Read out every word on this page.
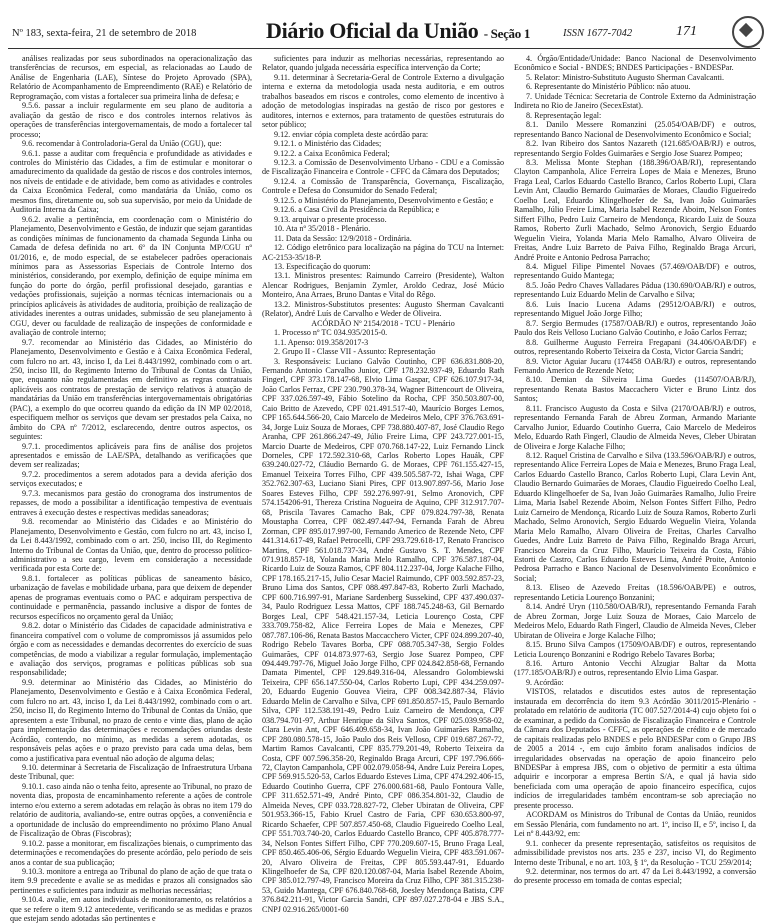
Nº 183, sexta-feira, 21 de setembro de 2018	Diário Oficial da União - Seção 1	ISSN 1677-7042	171

análises realizadas por seus subordinados na operacionalização das transferências de recursos, em especial, as relacionadas ao Laudo de Análise de Engenharia (LAE), Síntese do Projeto Aprovado (SPA), Relatório de Acompanhamento de Empreendimento (RAE) e Relatório de Reprogramação, com vistas a fortalecer sua primeira linha de defesa; e

9.5.6. passar a incluir regularmente em seu plano de auditoria a avaliação da gestão de risco e dos controles internos relativos às operações de transferências intergovernamentais, de modo a fortalecer tal processo;

9.6. recomendar à Controladoria-Geral da União (CGU), que:

9.6.1. passe a auditar com frequência e profundidade as atividades e controles do Ministério das Cidades, a fim de estimular e monitorar o amadurecimento da qualidade da gestão de riscos e dos controles internos, nos níveis de entidade e de atividade, bem como as atividades e controles da Caixa Econômica Federal, como mandatária da União, como os mesmos fins, diretamente ou, sob sua supervisão, por meio da Unidade de Auditoria Interna da Caixa;

9.6.2. avalie a pertinência, em coordenação com o Ministério do Planejamento, Desenvolvimento e Gestão, de induzir que sejam garantidas as condições mínimas de funcionamento da chamada Segunda Linha ou Camada de defesa definida no art. 6º da IN Conjunta MP/CGU nº 01/2016, e, de modo especial, de se estabelecer padrões operacionais mínimos para as Assessorias Especiais de Controle Interno dos ministérios, considerando, por exemplo, definição de equipe mínima em função do porte do órgão, perfil profissional desejado, garantias e vedações profissionais, sujeição a normas técnicas internacionais ou a princípios aplicáveis às atividades de auditoria, proibição de realização de atividades inerentes a outras unidades, submissão de seu planejamento à CGU, dever ou faculdade de realização de inspeções de conformidade e avaliação de controle interno;

9.7. recomendar ao Ministério das Cidades, ao Ministério do Planejamento, Desenvolvimento e Gestão e à Caixa Econômica Federal, com fulcro no art. 43, inciso I, da Lei 8.443/1992, combinado com o art. 250, inciso III, do Regimento Interno do Tribunal de Contas da União, que, enquanto não regulamentadas em definitivo as regras contratuais aplicáveis aos contratos de prestação de serviço relativos à atuação de mandatárias da União em transferências intergovernamentais obrigatórias (PAC), a exemplo do que ocorreu quando da edição da IN MP 02/2018, especifiquem melhor os serviços que devam ser prestados pela Caixa, no âmbito do CPA nº 7/2012, esclarecendo, dentre outros aspectos, os seguintes:

9.7.1. procedimentos aplicáveis para fins de análise dos projetos apresentados e emissão de LAE/SPA, detalhando as verificações que devem ser realizadas;

9.7.2. procedimentos a serem adotados para a devida aferição dos serviços executados; e

9.7.3. mecanismos para gestão do cronograma dos instrumentos de repasses, de modo a possibilitar a identificação tempestiva de eventuais entraves à execução destes e respectivas medidas saneadoras;

9.8. recomendar ao Ministério das Cidades e ao Ministério do Planejamento, Desenvolvimento e Gestão, com fulcro no art. 43, inciso I, da Lei 8.443/1992, combinado com o art. 250, inciso III, do Regimento Interno do Tribunal de Contas da União, que, dentro do processo político-administrativo a seu cargo, levem em consideração a necessidade verificada por esta Corte de:

9.8.1. fortalecer as políticas públicas de saneamento básico, urbanização de favelas e mobilidade urbana, para que deixem de depender apenas de programas eventuais como o PAC e adquiram perspectiva de continuidade e permanência, passando inclusive a dispor de fontes de recursos específicos no orçamento geral da União;

9.8.2. dotar o Ministério das Cidades de capacidade administrativa e financeira compatível com o volume de compromissos já assumidos pelo órgão e com as necessidades e demandas decorrentes do exercício de suas competências, de modo a viabilizar a regular formulação, implementação e avaliação dos serviços, programas e políticas públicas sob sua responsabilidade;

9.9. determinar ao Ministério das Cidades, ao Ministério do Planejamento, Desenvolvimento e Gestão e à Caixa Econômica Federal, com fulcro no art. 43, inciso I, da Lei 8.443/1992, combinado com o art. 250, inciso II, do Regimento Interno do Tribunal de Contas da União, que apresentem a este Tribunal, no prazo de cento e vinte dias, plano de ação para implementação das determinações e recomendações oriundas deste Acórdão, contendo, no mínimo, as medidas a serem adotadas, os responsáveis pelas ações e o prazo previsto para cada uma delas, bem como a justificativa para eventual não adoção de alguma delas;

9.10. determinar à Secretaria de Fiscalização de Infraestrutura Urbana deste Tribunal, que:

9.10.1. caso ainda não o tenha feito, apresente ao Tribunal, no prazo de noventa dias, proposta de encaminhamento referente a ações de controle interno e/ou externo a serem adotadas em relação às obras no item 179 do relatório de auditoria, avaliando-se, entre outras opções, a conveniência e a oportunidade de inclusão do empreendimento no próximo Plano Anual de Fiscalização de Obras (Fiscobras);

9.10.2. passe a monitorar, em fiscalizações bienais, o cumprimento das determinações e recomendações do presente acórdão, pelo período de seis anos a contar de sua publicação;

9.10.3. monitore a entrega ao Tribunal do plano de ação de que trata o item 9.9 precedente e avalie se as medidas e prazos ali consignados são pertinentes e suficientes para induzir as melhorias necessárias;

9.10.4. avalie, em autos individuais de monitoramento, os relatórios a que se refere o item 9.12 antecedente, verificando se as medidas e prazos que estejam sendo adotadas são pertinentes e

suficientes para induzir as melhorias necessárias, representando ao Relator, quando julgada necessária específica intervenção da Corte;

9.11. determinar à Secretaria-Geral de Controle Externo a divulgação interna e externa da metodologia usada nesta auditoria, e em outros trabalhos baseados em riscos e controles, como elemento de incentivo à adoção de metodologias inspiradas na gestão de risco por gestores e auditores, internos e externos, para tratamento de questões estruturais do setor público;

9.12. enviar cópia completa deste acórdão para:

9.12.1. o Ministério das Cidades;

9.12.2. a Caixa Econômica Federal;

9.12.3. a Comissão de Desenvolvimento Urbano - CDU e a Comissão de Fiscalização Financeira e Controle - CFFC da Câmara dos Deputados;

9.12.4. a Comissão de Transparência, Governança, Fiscalização, Controle e Defesa do Consumidor do Senado Federal;

9.12.5. o Ministério do Planejamento, Desenvolvimento e Gestão; e

9.12.6. a Casa Civil da Presidência da República; e

9.13. arquivar o presente processo.

10. Ata nº 35/2018 - Plenário.

11. Data da Sessão: 12/9/2018 - Ordinária.

12. Código eletrônico para localização na página do TCU na Internet: AC-2153-35/18-P.

13. Especificação do quorum:

13.1. Ministros presentes: Raimundo Carreiro (Presidente), Walton Alencar Rodrigues, Benjamin Zymler, Aroldo Cedraz, José Múcio Monteiro, Ana Arraes, Bruno Dantas e Vital do Rêgo.

13.2. Ministros-Substitutos presentes: Augusto Sherman Cavalcanti (Relator), André Luís de Carvalho e Weder de Oliveira.

ACÓRDÃO Nº 2154/2018 - TCU - Plenário

1. Processo nº TC 034.935/2015-0.

1.1. Apenso: 019.358/2017-3

2. Grupo II - Classe VII - Assunto: Representação

3. Responsáveis: Luciano Galvão Coutinho, CPF 636.831.808-20, Fernando Antonio Carvalho Junior, CPF 178.232.937-49, Eduardo Rath Fingerl, CPF 373.178.147-68, Elvio Lima Gaspar, CPF 626.107.917-34, João Carlos Ferraz, CPF 230.790.378-34, Wagner Bittencourt de Oliveira, CPF 337.026.597-49, Fábio Sotelino da Rocha, CPF 350.503.807-00, Caio Britto de Azevedo, CPF 021.491.517-40, Maurício Borges Lemos, CPF 165.644.566-20, Caio Marcelo de Medeiros Melo, CPF 376.763.691-34, Jorge Luiz Souza de Moraes, CPF 738.880.407-87, José Claudio Rego Aranha, CPF 261.866.247-49, Júlio Freire Lima, CPF 243.727.001-15, Marcio Duarte de Medeiros, CPF 070.768.147-22, Luiz Fernando Linck Dorneles, CPF 172.592.310-68, Carlos Roberto Lopes Hauák, CPF 639.240.027-72, Cláudio Bernardo G. de Moraes, CPF 761.155.427-15, Emanuel Teixeira Torres Filho, CPF 439.505.587-72, Ishai Waga, CPF 352.762.307-63, Luciano Siani Pires, CPF 013.907.897-56, Mario Jose Soares Esteves Filho, CPF 592.276.997-91, Selmo Aronovich, CPF 574.154206-91, Thereza Cristina Nogueira de Aquino, CPF 312.917.707-68, Priscila Tavares Camacho Bak, CPF 079.824.797-38, Renata Moustapha Correa, CPF 082.497.447-94, Fernanda Farah de Abreu Zorman, CPF 895.017.997-00, Fernando Americo de Rezende Neto, CPF 441.314.617-49, Rafael Petrocelli, CPF 293.729.618-17, Renato Francisco Martins, CPF 561.018.737-34, André Gustavo S. T. Mendes, CPF 071.918.857-18, Yolanda Maria Melo Ramalho, CPF 376.587.187-04, Ricardo Luiz de Souza Ramos, CPF 804.112.237-04, Jorge Kalache Filho, CPF 178.165.217-15, Julio Cesar Maciel Raimundo, CPF 003.592.857-23, Bruno Lima dos Santos, CPF 088.497.847-83, Roberto Zurli Machado, CPF 600.716.997-91, Mariane Sardenberg Sussekind, CPF 437.490.037-34, Paulo Rodriguez Lessa Mattos, CPF 188.745.248-63, Gil Bernardo Borges Leal, CPF 548.421.157-34, Leticia Lourenço Costa, CPF 333.709.758-82, Alice Ferreira Lopes de Maia e Menezes, CPF 087.787.106-86, Renata Bastos Maccacchero Victer, CPF 024.899.207-40, Rodrigo Rebelo Tavares Borba, CPF 088.705.347-38, Sergio Foldes Guimarães, CPF 014.873.977-63, Sergio Jose Suarez Pompeo, CPF 094.449.797-76, Miguel João Jorge Filho, CPF 024.842.858-68, Fernando Damata Pimentel, CPF 129.849.316-04, Alessandro Golombiewski Teixeira, CPF 656.147.550-04, Carlos Roberto Lupi, CPF 434.259.097-20, Eduardo Eugenio Gouvea Vieira, CPF 008.342.887-34, Flávio Eduardo Melin de Carvalho e Silva, CPF 691.850.857-15, Paulo Bernardo Silva, CPF 112.538.191-49, Pedro Luiz Carneiro de Mendonça, CPF 038.794.701-97, Arthur Henrique da Silva Santos, CPF 025.039.958-02, Clara Levin Ant, CPF 646.409.658-34, Ivan João Guimarães Ramalho, CPF 280.080.578-15, João Paulo dos Reis Velloso, CPF 019.687.267-72, Martim Ramos Cavalcanti, CPF 835.779.201-49, Roberto Teixeira da Costa, CPF 007.596.358-20, Reginaldo Braga Arcuri, CPF 197.796.666-72, Clayton Campanhola, CPF 002.079.058-94, Andre Luiz Pereira Lopes, CPF 569.915.520-53, Carlos Eduardo Esteves Lima, CPF 474.292.406-15, Eduardo Coutinho Guerra, CPF 276.000.681-68, Paulo Fontoura Valle, CPF 311.652.571-49, André Pinto, CPF 086.354.801-32, Claudio de Almeida Neves, CPF 033.728.827-72, Cleber Ubiratan de Oliveira, CPF 501.953.366-15, Fabio Kruel Castro de Faria, CPF 630.653.800-97, Ricardo Schaefer, CPF 507.857.450-68, Claudio Figueiredo Coelho Leal, CPF 551.703.740-20, Carlos Eduardo Castello Branco, CPF 405.878.777-34, Nelson Fontes Siffert Filho, CPF 770.209.607-15, Bruno Fraga Leal, CPF 850.465.406-06, Sérgio Eduardo Weguelin Vieira, CPF 483.591.067-20, Alvaro Oliveira de Freitas, CPF 805.593.447-91, Eduardo Klingelhoefer de Sa, CPF 820.120.087-04, Maria Isabel Rezende Aboim, CPF 385.012.797-49, Francisco Moreira da Cruz Filho, CPF 381.315.238-53, Guido Mantega, CPF 676.840.768-68, Joesley Mendonça Batista, CPF 376.842.211-91, Victor Garcia Sandri, CPF 897.027.278-04 e JBS S.A., CNPJ 02.916.265/0001-60

4. Órgão/Entidade/Unidade: Banco Nacional de Desenvolvimento Econômico e Social - BNDES; BNDES Participações - BNDESPar.

5. Relator: Ministro-Substituto Augusto Sherman Cavalcanti.

6. Representante do Ministério Público: não atuou.

7. Unidade Técnica: Secretaria de Controle Externo da Administração Indireta no Rio de Janeiro (SecexEstat).

8. Representação legal:

8.1. Danilo Messere Romanzini (25.054/OAB/DF) e outros, representando Banco Nacional de Desenvolvimento Econômico e Social;

8.2. Ivan Ribeiro dos Santos Nazareth (121.685/OAB/RJ) e outros, representando Sergio Foldes Guimarães e Sergio Jose Suarez Pompeo;

8.3. Melissa Monte Stephan (188.396/OAB/RJ), representando Clayton Campanhola, Alice Ferreira Lopes de Maia e Menezes, Bruno Fraga Leal, Carlos Eduardo Castello Branco, Carlos Roberto Lupi, Clara Levin Ant, Claudio Bernardo Guimarães de Moraes, Claudio Figueiredo Coelho Leal, Eduardo Klingelhoefer de Sa, Ivan João Guimarães Ramalho, Júlio Freire Lima, Maria Isabel Rezende Aboim, Nelson Fontes Siffert Filho, Pedro Luiz Carneiro de Mendonça, Ricardo Luiz de Souza Ramos, Roberto Zurli Machado, Selmo Aronovich, Sergio Eduardo Weguelin Vieira, Yolanda Maria Melo Ramalho, Alvaro Oliveira de Freitas, Andre Luiz Barreto de Paiva Filho, Reginaldo Braga Arcuri, André Proite e Antonio Pedrosa Parracho;

8.4. Miguel Filipe Pimentel Novaes (57.469/OAB/DF) e outros, representando Guido Mantega;

8.5. João Pedro Chaves Valladares Pádua (130.690/OAB/RJ) e outros, representando Luiz Eduardo Melin de Carvalho e Silva;

8.6. Luis Inacio Lucena Adams (29512/OAB/RJ) e outros, representando Miguel João Jorge Filho;

8.7. Sergio Bermudes (17587/OAB/RJ) e outros, representando João Paulo dos Reis Velloso Luciano Galvão Coutinho, e João Carlos Ferraz;

8.8. Guilherme Augusto Ferreira Fregapani (34.406/OAB/DF) e outros, representando Roberto Teixeira da Costa, Victor Garcia Sandri;

8.9. Victor Aguiar Jucaru (174458 OAB/RJ) e outros, representando Fernando Americo de Rezende Neto;

8.10. Demian da Silveira Lima Guedes (114507/OAB/RJ), representando Renata Bastos Maccachero Victer e Bruno Lintz dos Santos;

8.11. Francisco Augusto da Costa e Silva (2170/OAB/RJ) e outros, representando Fernanda Farah de Abreu Zorman, Armando Mariante Carvalho Junior, Eduardo Coutinho Guerra, Caio Marcelo de Medeiros Melo, Eduardo Rath Fingerl, Claudio de Almeida Neves, Cleber Ubiratan de Oliveira e Jorge Kalache Filho;

8.12. Raquel Cristina de Carvalho e Silva (133.596/OAB/RJ) e outros, representando Alice Ferreira Lopes de Maia e Menezes, Bruno Fraga Leal, Carlos Eduardo Castello Branco, Carlos Roberto Lupi, Clara Levin Ant, Claudio Bernardo Guimarães de Moraes, Claudio Figueiredo Coelho Leal, Eduardo Klingelhoefer de Sa, Ivan João Guimarães Ramalho, Julio Freire Lima, Maria Isabel Rezende Aboim, Nelson Fontes Siffert Filho, Pedro Luiz Carneiro de Mendonça, Ricardo Luiz de Souza Ramos, Roberto Zurli Machado, Selmo Aronovich, Sergio Eduardo Weguelin Vieira, Yolanda Maria Melo Ramalho, Alvaro Oliveira de Freitas, Charles Carvalho Guedes, Andre Luiz Barreto de Paiva Filho, Reginaldo Braga Arcuri, Francisco Moreira da Cruz Filho, Maurício Teixeira da Costa, Fábio Estorti de Castro, Carlos Eduardo Esteves Lima, André Proite, Antonio Pedrosa Parracho e Banco Nacional de Desenvolvimento Econômico e Social;

8.13. Eliseo de Azevedo Freitas (18.596/OAB/PE) e outros, representando Leticia Lourenço Bonzanini;

8.14. André Uryn (110.580/OAB/RJ), representando Fernanda Farah de Abreu Zorman, Jorge Luiz Souza de Moraes, Caio Marcelo de Medeiros Melo, Eduardo Rath Fingerl, Claudio de Almeida Neves, Cleber Ubiratan de Oliveira e Jorge Kalache Filho;

8.15. Bruno Silva Campos (17509/OAB/DF) e outros, representando Leticia Lourenço Bonzanini e Rodrigo Rebelo Tavares Borba;

8.16. Arturo Antonio Vecchi Alzugiar Baltar da Motta (177.185/OAB/RJ) e outros, representando Elvio Lima Gaspar.

9. Acórdão:

VISTOS, relatados e discutidos estes autos de representação instaurada em decorrência do item 9.3 Acórdão 3011/2015-Plenário - prolatado em relatório de auditoria (TC 007.527/2014-4) cujo objeto foi o de examinar, a pedido da Comissão de Fiscalização Financeira e Controle da Câmara dos Deputados - CFFC, as operações de crédito e de mercado de capitais realizadas pelo BNDES e pelo BNDESPar com o Grupo JBS de 2005 a 2014 -, em cujo âmbito foram analisados indícios de irregularidades observadas na operação de apoio financeiro pelo BNDESPar à empresa JBS, com o objetivo de permitir a esta última adquirir e incorporar a empresa Bertin S/A, e qual já havia sido beneficiada com uma operação de apoio financeiro específica, cujos indícios de irregularidades também encontram-se sob apreciação no presente processo.

ACORDAM os Ministros do Tribunal de Contas da União, reunidos em Sessão Plenária, com fundamento no art. 1º, inciso II, e 5º, inciso I, da Lei nº 8.443/92, em:

9.1. conhecer da presente representação, satisfeitos os requisitos de admissibilidade previstos nos arts. 235 e 237, inciso VI, do Regimento Interno deste Tribunal, e no art. 103, § 1º, da Resolução - TCU 259/2014;

9.2. determinar, nos termos do art. 47 da Lei 8.443/1992, a conversão do presente processo em tomada de contas especial;
